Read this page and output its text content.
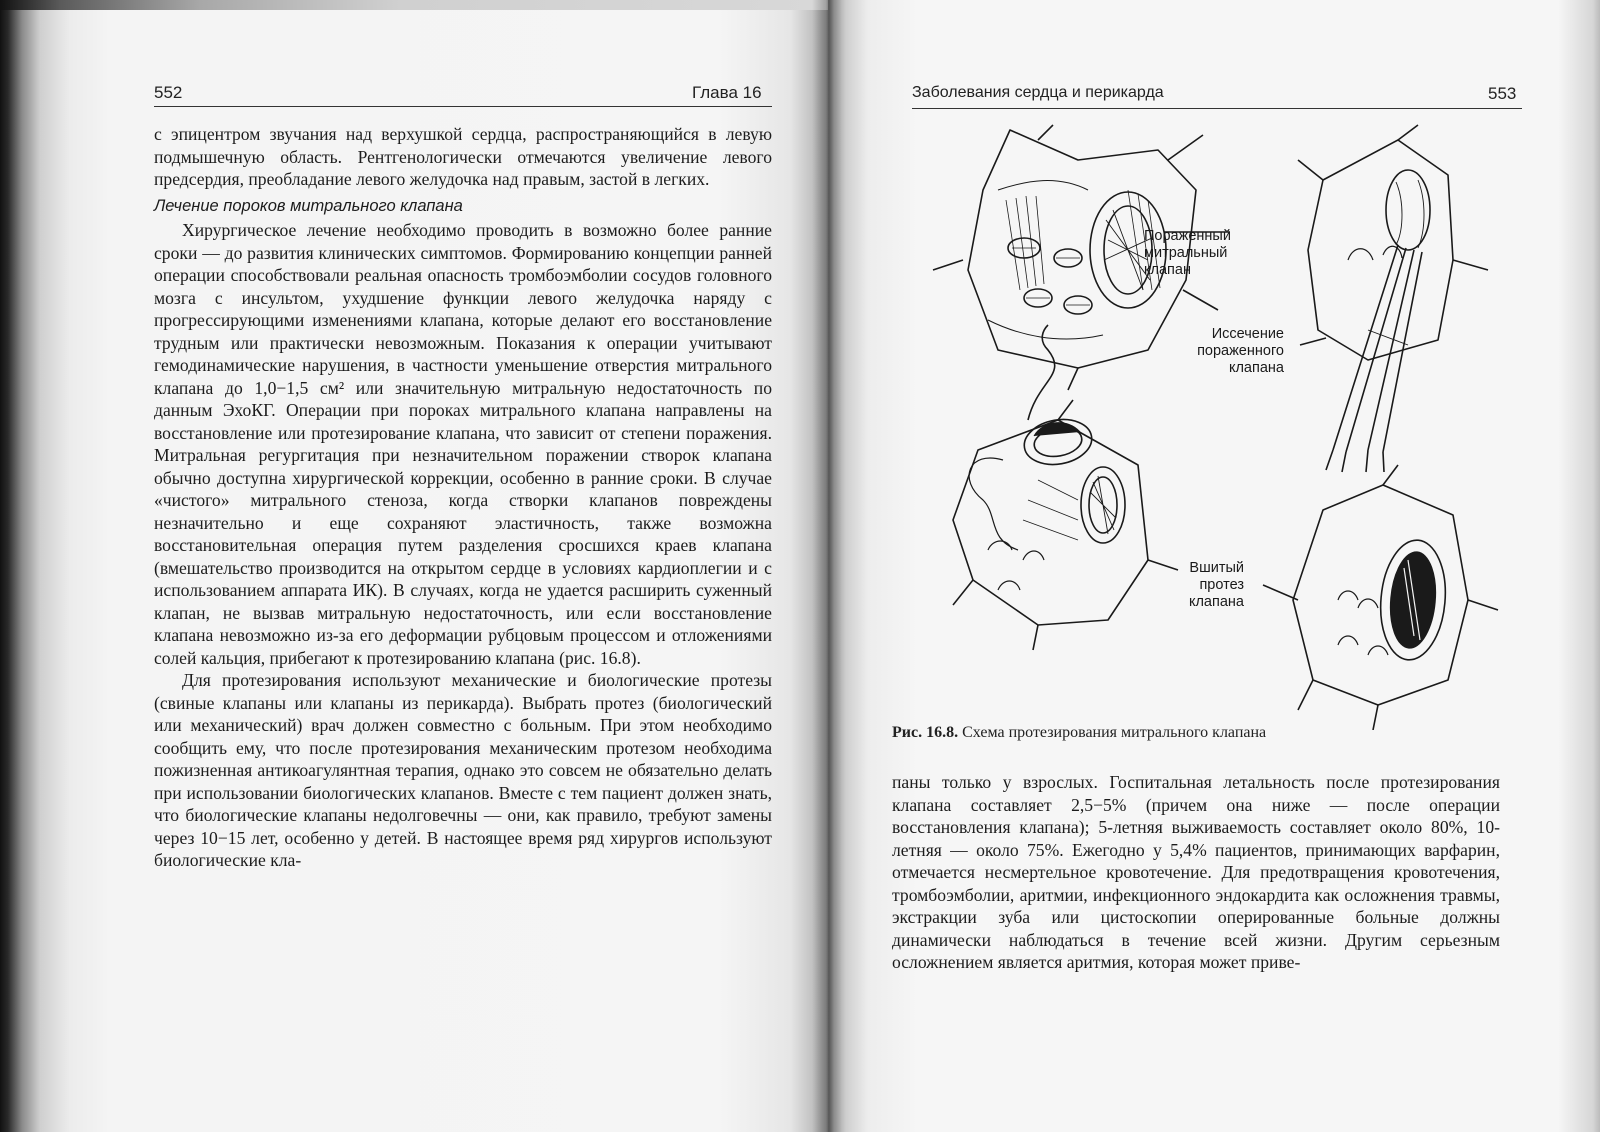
552	Глава 16

с эпицентром звучания над верхушкой сердца, распространяющийся в левую подмышечную область. Рентгенологически отмечаются увеличение левого предсердия, преобладание левого желудочка над правым, застой в легких.

Лечение пороков митрального клапана

Хирургическое лечение необходимо проводить в возможно более ранние сроки — до развития клинических симптомов. Формированию концепции ранней операции способствовали реальная опасность тромбоэмболии сосудов головного мозга с инсультом, ухудшение функции левого желудочка наряду с прогрессирующими изменениями клапана, которые делают его восстановление трудным или практически невозможным. Показания к операции учитывают гемодинамические нарушения, в частности уменьшение отверстия митрального клапана до 1,0−1,5 см² или значительную митральную недостаточность по данным ЭхоКГ. Операции при пороках митрального клапана направлены на восстановление или протезирование клапана, что зависит от степени поражения. Митральная регургитация при незначительном поражении створок клапана обычно доступна хирургической коррекции, особенно в ранние сроки. В случае «чистого» митрального стеноза, когда створки клапанов повреждены незначительно и еще сохраняют эластичность, также возможна восстановительная операция путем разделения сросшихся краев клапана (вмешательство производится на открытом сердце в условиях кардиоплегии и с использованием аппарата ИК). В случаях, когда не удается расширить суженный клапан, не вызвав митральную недостаточность, или если восстановление клапана невозможно из-за его деформации рубцовым процессом и отложениями солей кальция, прибегают к протезированию клапана (рис. 16.8).

Для протезирования используют механические и биологические протезы (свиные клапаны или клапаны из перикарда). Выбрать протез (биологический или механический) врач должен совместно с больным. При этом необходимо сообщить ему, что после протезирования механическим протезом необходима пожизненная антикоагулянтная терапия, однако это совсем не обязательно делать при использовании биологических клапанов. Вместе с тем пациент должен знать, что биологические клапаны недолговечны — они, как правило, требуют замены через 10−15 лет, особенно у детей. В настоящее время ряд хирургов используют биологические кла-

Заболевания сердца и перикарда	553
Пораженный митральный клапан
Иссечение пораженного клапана
Вшитый протез клапана
Рис. 16.8. Схема протезирования митрального клапана

паны только у взрослых. Госпитальная летальность после протезирования клапана составляет 2,5−5% (причем она ниже — после операции восстановления клапана); 5-летняя выживаемость составляет около 80%, 10-летняя — около 75%. Ежегодно у 5,4% пациентов, принимающих варфарин, отмечается несмертельное кровотечение. Для предотвращения кровотечения, тромбоэмболии, аритмии, инфекционного эндокардита как осложнения травмы, экстракции зуба или цистоскопии оперированные больные должны динамически наблюдаться в течение всей жизни. Другим серьезным осложнением является аритмия, которая может приве-
